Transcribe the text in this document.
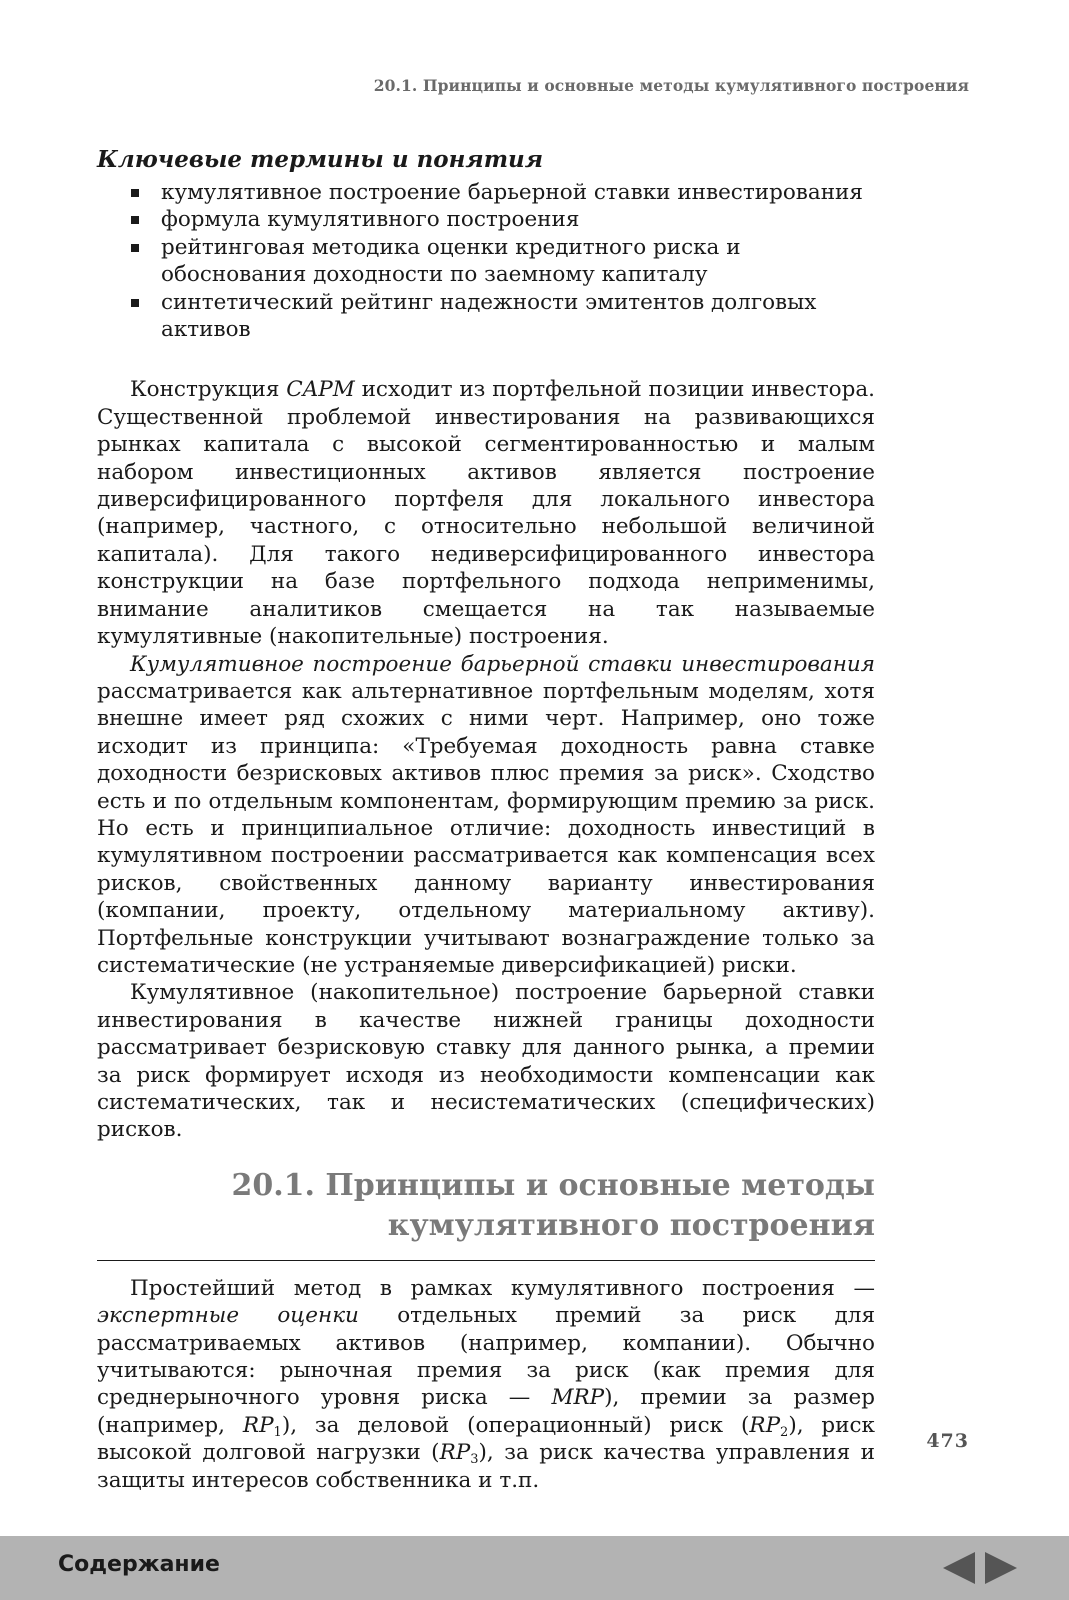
20.1. Принципы и основные методы кумулятивного построения
Ключевые термины и понятия
кумулятивное построение барьерной ставки инвестирования
формула кумулятивного построения
рейтинговая методика оценки кредитного риска и обоснования доходности по заемному капиталу
синтетический рейтинг надежности эмитентов долговых активов

Конструкция CAPM исходит из портфельной позиции инвестора. Существенной проблемой инвестирования на развивающихся рынках капитала с высокой сегментированностью и малым набором инвестиционных активов является построение диверсифицированного портфеля для локального инвестора (например, частного, с относительно небольшой величиной капитала). Для такого недиверсифицированного инвестора конструкции на базе портфельного подхода неприменимы, внимание аналитиков смещается на так называемые кумулятивные (накопительные) построения.

Кумулятивное построение барьерной ставки инвестирования рассматривается как альтернативное портфельным моделям, хотя внешне имеет ряд схожих с ними черт. Например, оно тоже исходит из принципа: «Требуемая доходность равна ставке доходности безрисковых активов плюс премия за риск». Сходство есть и по отдельным компонентам, формирующим премию за риск. Но есть и принципиальное отличие: доходность инвестиций в кумулятивном построении рассматривается как компенсация всех рисков, свойственных данному варианту инвестирования (компании, проекту, отдельному материальному активу). Портфельные конструкции учитывают вознаграждение только за систематические (не устраняемые диверсификацией) риски.

Кумулятивное (накопительное) построение барьерной ставки инвестирования в качестве нижней границы доходности рассматривает безрисковую ставку для данного рынка, а премии за риск формирует исходя из необходимости компенсации как систематических, так и несистематических (специфических) рисков.

20.1. Принципы и основные методы
кумулятивного построения

Простейший метод в рамках кумулятивного построения — экспертные оценки отдельных премий за риск для рассматриваемых активов (например, компании). Обычно учитываются: рыночная премия за риск (как премия для среднерыночного уровня риска — MRP), премии за размер (например, $RP_1$), за деловой (операционный) риск $(RP_2)$, риск высокой долговой нагрузки $(RP_3)$, за риск качества управления и защиты интересов собственника и т.п.

473
Содержание
